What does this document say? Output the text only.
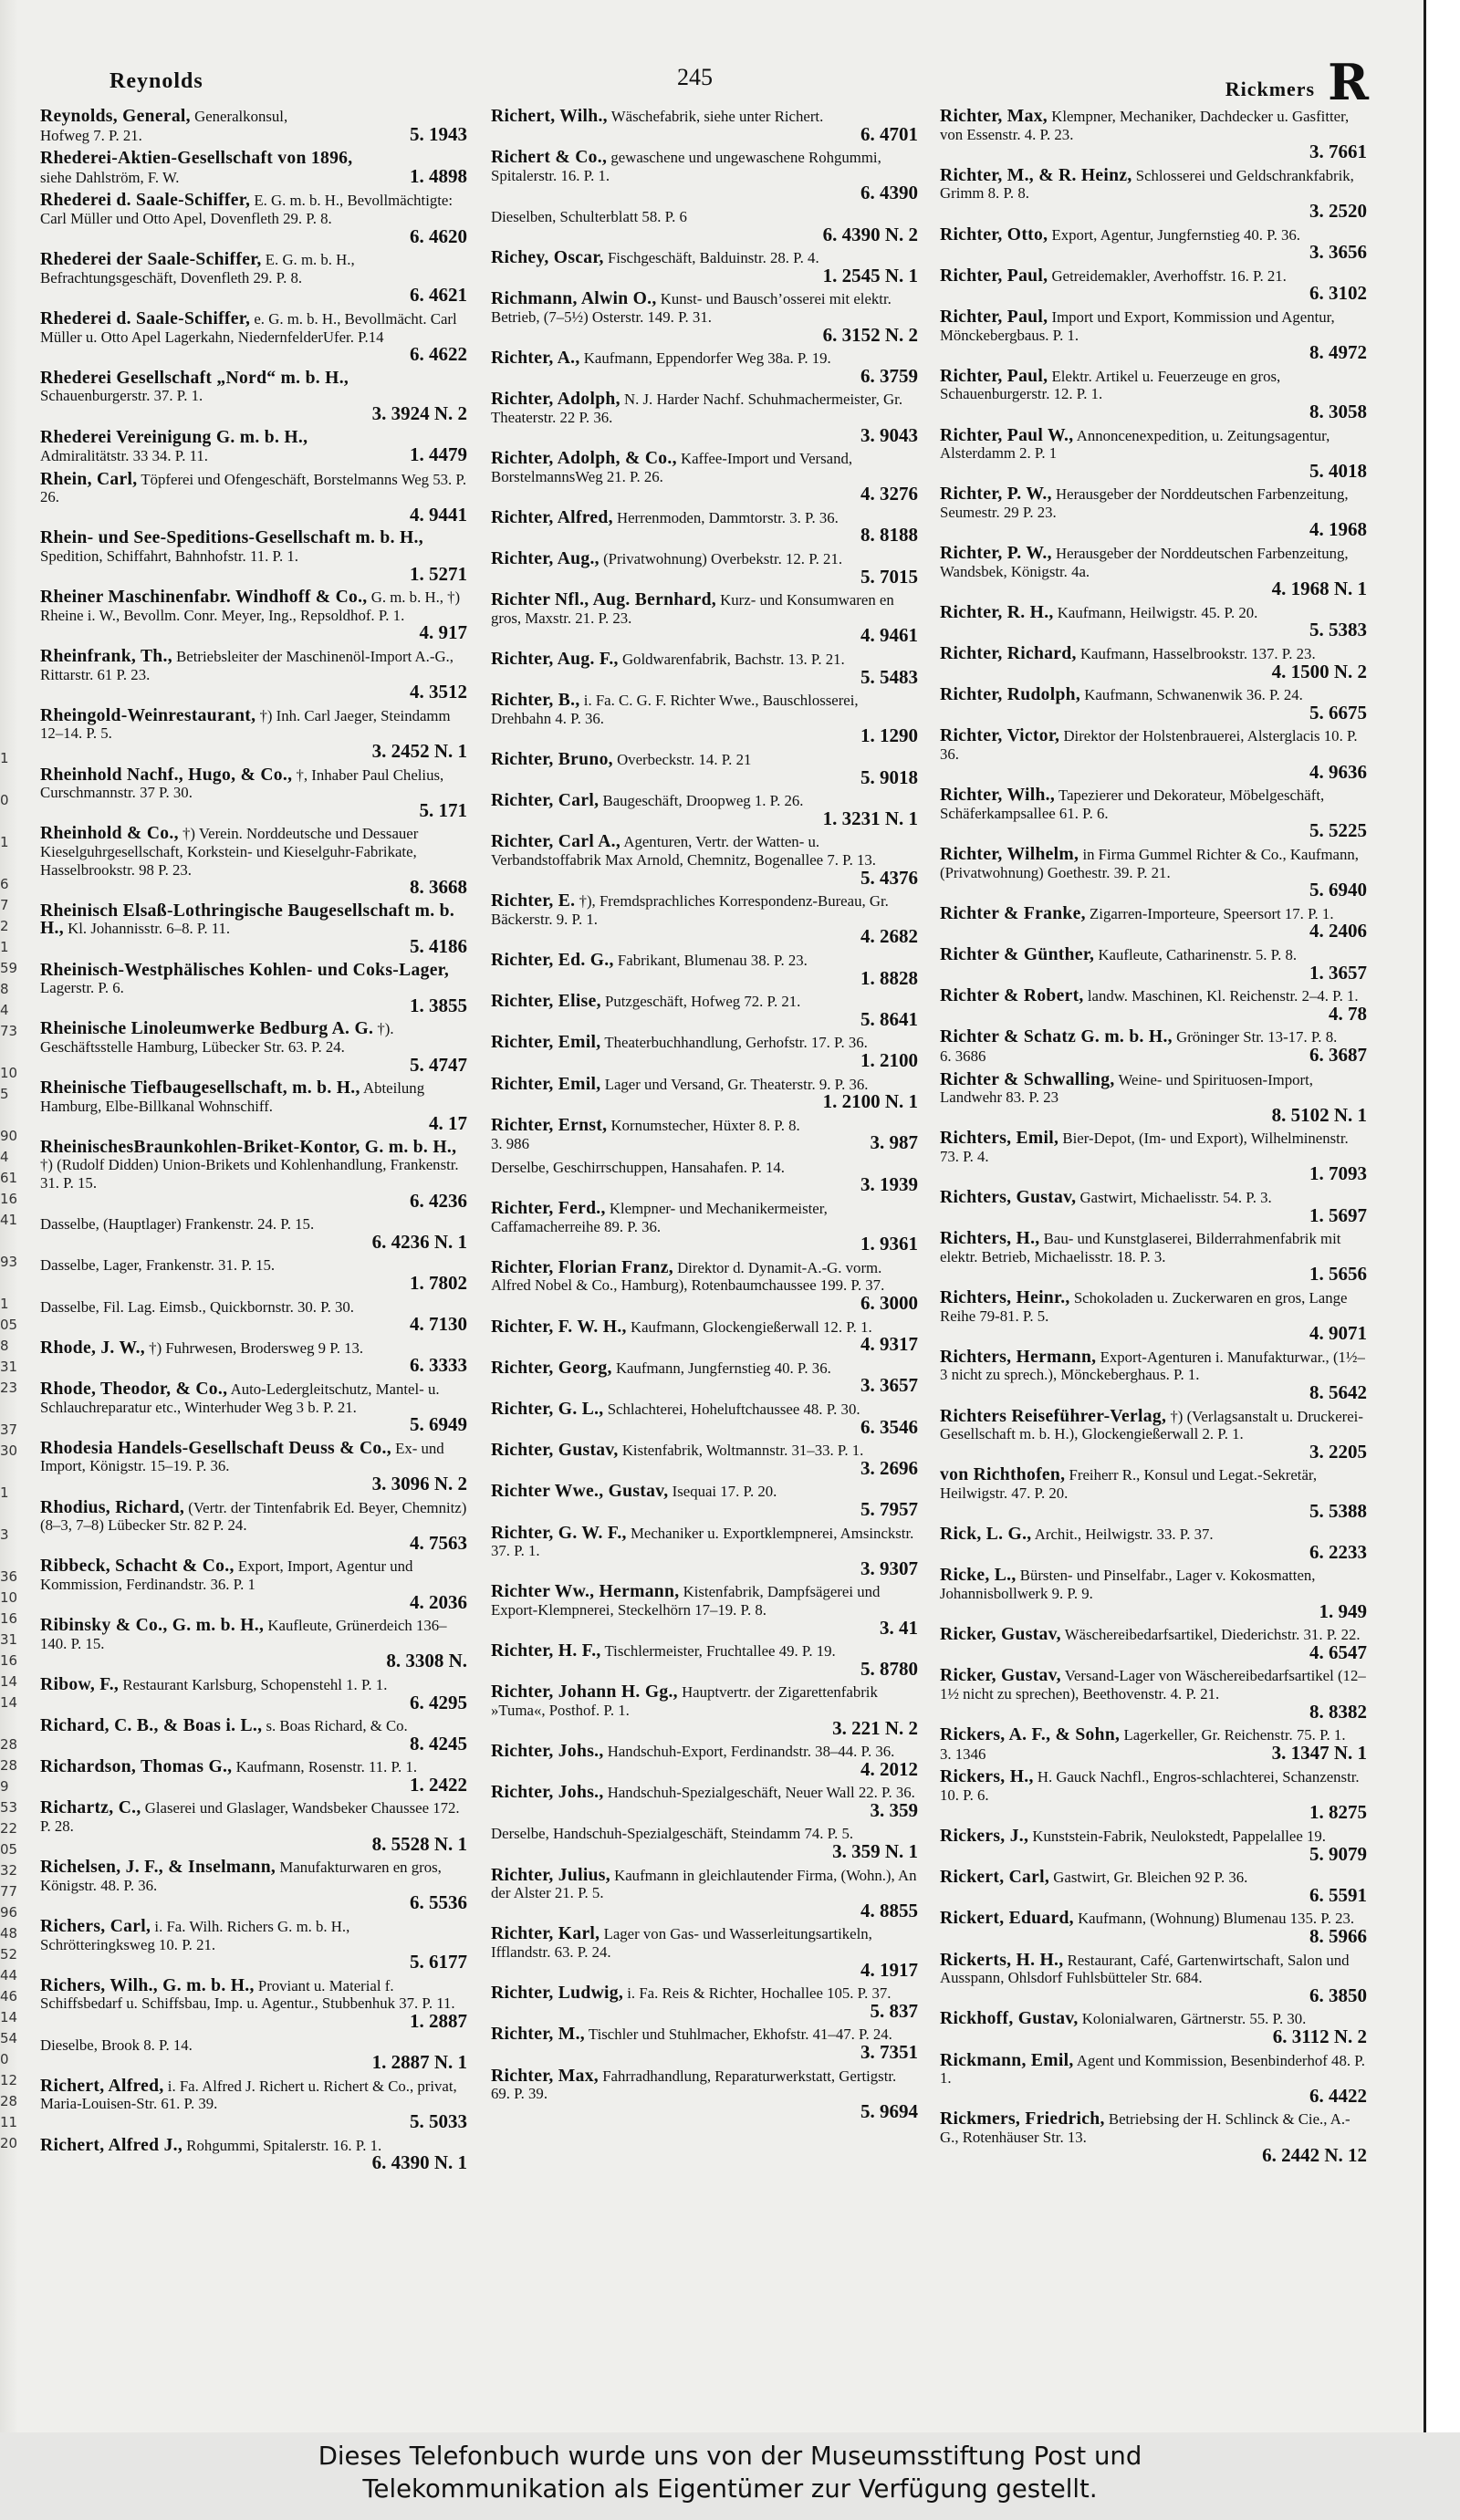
1

0

1

6
7
2
1
59
8
4
73

10
5

90
4
61
16
41

93

1
05
8
31
23

37
30

1

3

36
10
16
31
16
14
14

28
28
9
53
22
05
32
77
96
48
52
44
46
14
54
0
12
28
11
20
Reynolds	245	Rickmers R
Reynolds, General, Generalkonsul,
Hofweg 7. P. 21.	5. 1943
Rhederei-Aktien-Gesellschaft von 1896,
siehe Dahlström, F. W.	1. 4898
Rhederei d. Saale-Schiffer, E. G. m. b. H., Bevollmächtigte: Carl Müller und Otto Apel, Dovenfleth 29. P. 8.
6. 4620
Rhederei der Saale-Schiffer, E. G. m. b. H., Befrachtungsgeschäft, Dovenfleth 29. P. 8.
6. 4621
Rhederei d. Saale-Schiffer, e. G. m. b. H., Bevollmächt. Carl Müller u. Otto Apel Lagerkahn, NiedernfelderUfer. P.14
6. 4622
Rhederei Gesellschaft „Nord“ m. b. H.,
Schauenburgerstr. 37. P. 1.
3. 3924 N. 2
Rhederei Vereinigung G. m. b. H.,
Admiralitätstr. 33 34. P. 11.	1. 4479
Rhein, Carl, Töpferei und Ofengeschäft, Borstelmanns Weg 53. P. 26.
4. 9441
Rhein- und See-Speditions-Gesellschaft m. b. H., Spedition, Schiffahrt, Bahnhofstr. 11. P. 1.
1. 5271
Rheiner Maschinenfabr. Windhoff & Co., G. m. b. H., †) Rheine i. W., Bevollm. Conr. Meyer, Ing., Repsoldhof. P. 1.
4. 917
Rheinfrank, Th., Betriebsleiter der Maschinenöl-Import A.-G., Rittarstr. 61 P. 23.
4. 3512
Rheingold-Weinrestaurant, †) Inh. Carl Jaeger, Steindamm 12–14. P. 5.
3. 2452 N. 1
Rheinhold Nachf., Hugo, & Co., †, Inhaber Paul Chelius, Curschmannstr. 37 P. 30.
5. 171
Rheinhold & Co., †) Verein. Norddeutsche und Dessauer Kieselguhrgesellschaft, Korkstein- und Kieselguhr-Fabrikate, Hasselbrookstr. 98 P. 23.
8. 3668
Rheinisch Elsaß-Lothringische Baugesellschaft m. b. H., Kl. Johannisstr. 6–8. P. 11.
5. 4186
Rheinisch-Westphälisches Kohlen- und Coks-Lager, Lagerstr. P. 6.
1. 3855
Rheinische Linoleumwerke Bedburg A. G. †). Geschäftsstelle Hamburg, Lübecker Str. 63. P. 24.
5. 4747
Rheinische Tiefbaugesellschaft, m. b. H., Abteilung Hamburg, Elbe-Billkanal Wohnschiff.
4. 17
RheinischesBraunkohlen-Briket-Kontor, G. m. b. H., †) (Rudolf Didden) Union-Brikets und Kohlenhandlung, Frankenstr. 31. P. 15.
6. 4236
Dasselbe, (Hauptlager) Frankenstr. 24. P. 15.
6. 4236 N. 1
Dasselbe, Lager, Frankenstr. 31. P. 15.
1. 7802
Dasselbe, Fil. Lag. Eimsb., Quickbornstr. 30. P. 30.
4. 7130
Rhode, J. W., †) Fuhrwesen, Brodersweg 9 P. 13.
6. 3333
Rhode, Theodor, & Co., Auto-Ledergleitschutz, Mantel- u. Schlauchreparatur etc., Winterhuder Weg 3 b. P. 21.
5. 6949
Rhodesia Handels-Gesellschaft Deuss & Co., Ex- und Import, Königstr. 15–19. P. 36.
3. 3096 N. 2
Rhodius, Richard, (Vertr. der Tintenfabrik Ed. Beyer, Chemnitz) (8–3, 7–8) Lübecker Str. 82 P. 24.
4. 7563
Ribbeck, Schacht & Co., Export, Import, Agentur und Kommission, Ferdinandstr. 36. P. 1
4. 2036
Ribinsky & Co., G. m. b. H., Kaufleute, Grünerdeich 136–140. P. 15.
8. 3308 N.
Ribow, F., Restaurant Karlsburg, Schopenstehl 1. P. 1.
6. 4295
Richard, C. B., & Boas i. L., s. Boas Richard, & Co.
8. 4245
Richardson, Thomas G., Kaufmann, Rosenstr. 11. P. 1.
1. 2422
Richartz, C., Glaserei und Glaslager, Wandsbeker Chaussee 172. P. 28.
8. 5528 N. 1
Richelsen, J. F., & Inselmann, Manufakturwaren en gros, Königstr. 48. P. 36.
6. 5536
Richers, Carl, i. Fa. Wilh. Richers G. m. b. H., Schrötteringksweg 10. P. 21.
5. 6177
Richers, Wilh., G. m. b. H., Proviant u. Material f. Schiffsbedarf u. Schiffsbau, Imp. u. Agentur., Stubbenhuk 37. P. 11.
1. 2887
Dieselbe, Brook 8. P. 14.
1. 2887 N. 1
Richert, Alfred, i. Fa. Alfred J. Richert u. Richert & Co., privat, Maria-Louisen-Str. 61. P. 39.
5. 5033
Richert, Alfred J., Rohgummi, Spitalerstr. 16. P. 1.
6. 4390 N. 1
Richert, Wilh., Wäschefabrik, siehe unter Richert.
6. 4701
Richert & Co., gewaschene und ungewaschene Rohgummi, Spitalerstr. 16. P. 1.
6. 4390
Dieselben, Schulterblatt 58. P. 6
6. 4390 N. 2
Richey, Oscar, Fischgeschäft, Balduinstr. 28. P. 4.
1. 2545 N. 1
Richmann, Alwin O., Kunst- und Bausch’osserei mit elektr. Betrieb, (7–5½) Osterstr. 149. P. 31.
6. 3152 N. 2
Richter, A., Kaufmann, Eppendorfer Weg 38a. P. 19.
6. 3759
Richter, Adolph, N. J. Harder Nachf. Schuhmachermeister, Gr. Theaterstr. 22 P. 36.
3. 9043
Richter, Adolph, & Co., Kaffee-Import und Versand, BorstelmannsWeg 21. P. 26.
4. 3276
Richter, Alfred, Herrenmoden, Dammtorstr. 3. P. 36.
8. 8188
Richter, Aug., (Privatwohnung) Overbekstr. 12. P. 21.
5. 7015
Richter Nfl., Aug. Bernhard, Kurz- und Konsumwaren en gros, Maxstr. 21. P. 23.
4. 9461
Richter, Aug. F., Goldwarenfabrik, Bachstr. 13. P. 21.
5. 5483
Richter, B., i. Fa. C. G. F. Richter Wwe., Bauschlosserei, Drehbahn 4. P. 36.
1. 1290
Richter, Bruno, Overbeckstr. 14. P. 21
5. 9018
Richter, Carl, Baugeschäft, Droopweg 1. P. 26.
1. 3231 N. 1
Richter, Carl A., Agenturen, Vertr. der Watten- u. Verbandstoffabrik Max Arnold, Chemnitz, Bogenallee 7. P. 13.
5. 4376
Richter, E. †), Fremdsprachliches Korrespondenz-Bureau, Gr. Bäckerstr. 9. P. 1.
4. 2682
Richter, Ed. G., Fabrikant, Blumenau 38. P. 23.
1. 8828
Richter, Elise, Putzgeschäft, Hofweg 72. P. 21.
5. 8641
Richter, Emil, Theaterbuchhandlung, Gerhofstr. 17. P. 36.
1. 2100
Richter, Emil, Lager und Versand, Gr. Theaterstr. 9. P. 36.
1. 2100 N. 1
Richter, Ernst, Kornumstecher, Hüxter 8. P. 8.
3. 986	3. 987
Derselbe, Geschirrschuppen, Hansahafen. P. 14.
3. 1939
Richter, Ferd., Klempner- und Mechanikermeister, Caffamacherreihe 89. P. 36.
1. 9361
Richter, Florian Franz, Direktor d. Dynamit-A.-G. vorm. Alfred Nobel & Co., Hamburg), Rotenbaumchaussee 199. P. 37.
6. 3000
Richter, F. W. H., Kaufmann, Glockengießerwall 12. P. 1.
4. 9317
Richter, Georg, Kaufmann, Jungfernstieg 40. P. 36.
3. 3657
Richter, G. L., Schlachterei, Hoheluftchaussee 48. P. 30.
6. 3546
Richter, Gustav, Kistenfabrik, Woltmannstr. 31–33. P. 1.
3. 2696
Richter Wwe., Gustav, Isequai 17. P. 20.
5. 7957
Richter, G. W. F., Mechaniker u. Exportklempnerei, Amsinckstr. 37. P. 1.
3. 9307
Richter Ww., Hermann, Kistenfabrik, Dampfsägerei und Export-Klempnerei, Steckelhörn 17–19. P. 8.
3. 41
Richter, H. F., Tischlermeister, Fruchtallee 49. P. 19.
5. 8780
Richter, Johann H. Gg., Hauptvertr. der Zigarettenfabrik »Tuma«, Posthof. P. 1.
3. 221 N. 2
Richter, Johs., Handschuh-Export, Ferdinandstr. 38–44. P. 36.
4. 2012
Richter, Johs., Handschuh-Spezialgeschäft, Neuer Wall 22. P. 36.
3. 359
Derselbe, Handschuh-Spezialgeschäft, Steindamm 74. P. 5.
3. 359 N. 1
Richter, Julius, Kaufmann in gleichlautender Firma, (Wohn.), An der Alster 21. P. 5.
4. 8855
Richter, Karl, Lager von Gas- und Wasserleitungsartikeln, Ifflandstr. 63. P. 24.
4. 1917
Richter, Ludwig, i. Fa. Reis & Richter, Hochallee 105. P. 37.
5. 837
Richter, M., Tischler und Stuhlmacher, Ekhofstr. 41–47. P. 24.
3. 7351
Richter, Max, Fahrradhandlung, Reparaturwerkstatt, Gertigstr. 69. P. 39.
5. 9694
Richter, Max, Klempner, Mechaniker, Dachdecker u. Gasfitter, von Essenstr. 4. P. 23.
3. 7661
Richter, M., & R. Heinz, Schlosserei und Geldschrankfabrik, Grimm 8. P. 8.
3. 2520
Richter, Otto, Export, Agentur, Jungfernstieg 40. P. 36.
3. 3656
Richter, Paul, Getreidemakler, Averhoffstr. 16. P. 21.
6. 3102
Richter, Paul, Import und Export, Kommission und Agentur, Mönckebergbaus. P. 1.
8. 4972
Richter, Paul, Elektr. Artikel u. Feuerzeuge en gros, Schauenburgerstr. 12. P. 1.
8. 3058
Richter, Paul W., Annoncenexpedition, u. Zeitungsagentur, Alsterdamm 2. P. 1
5. 4018
Richter, P. W., Herausgeber der Norddeutschen Farbenzeitung, Seumestr. 29 P. 23.
4. 1968
Richter, P. W., Herausgeber der Norddeutschen Farbenzeitung, Wandsbek, Königstr. 4a.
4. 1968 N. 1
Richter, R. H., Kaufmann, Heilwigstr. 45. P. 20.
5. 5383
Richter, Richard, Kaufmann, Hasselbrookstr. 137. P. 23.
4. 1500 N. 2
Richter, Rudolph, Kaufmann, Schwanenwik 36. P. 24.
5. 6675
Richter, Victor, Direktor der Holstenbrauerei, Alsterglacis 10. P. 36.
4. 9636
Richter, Wilh., Tapezierer und Dekorateur, Möbelgeschäft, Schäferkampsallee 61. P. 6.
5. 5225
Richter, Wilhelm, in Firma Gummel Richter & Co., Kaufmann, (Privatwohnung) Goethestr. 39. P. 21.
5. 6940
Richter & Franke, Zigarren-Importeure, Speersort 17. P. 1.
4. 2406
Richter & Günther, Kaufleute, Catharinenstr. 5. P. 8.
1. 3657
Richter & Robert, landw. Maschinen, Kl. Reichenstr. 2–4. P. 1.
4. 78
Richter & Schatz G. m. b. H., Gröninger Str. 13-17. P. 8.
6. 3686	6. 3687
Richter & Schwalling, Weine- und Spirituosen-Import, Landwehr 83. P. 23
8. 5102 N. 1
Richters, Emil, Bier-Depot, (Im- und Export), Wilhelminenstr. 73. P. 4.
1. 7093
Richters, Gustav, Gastwirt, Michaelisstr. 54. P. 3.
1. 5697
Richters, H., Bau- und Kunstglaserei, Bilderrahmenfabrik mit elektr. Betrieb, Michaelisstr. 18. P. 3.
1. 5656
Richters, Heinr., Schokoladen u. Zuckerwaren en gros, Lange Reihe 79-81. P. 5.
4. 9071
Richters, Hermann, Export-Agenturen i. Manufakturwar., (1½–3 nicht zu sprech.), Mönckeberghaus. P. 1.
8. 5642
Richters Reiseführer-Verlag, †) (Verlagsanstalt u. Druckerei-Gesellschaft m. b. H.), Glockengießerwall 2. P. 1.
3. 2205
von Richthofen, Freiherr R., Konsul und Legat.-Sekretär, Heilwigstr. 47. P. 20.
5. 5388
Rick, L. G., Archit., Heilwigstr. 33. P. 37.
6. 2233
Ricke, L., Bürsten- und Pinselfabr., Lager v. Kokosmatten, Johannisbollwerk 9. P. 9.
1. 949
Ricker, Gustav, Wäschereibedarfsartikel, Diederichstr. 31. P. 22.
4. 6547
Ricker, Gustav, Versand-Lager von Wäschereibedarfsartikel (12–1½ nicht zu sprechen), Beethovenstr. 4. P. 21.
8. 8382
Rickers, A. F., & Sohn, Lagerkeller, Gr. Reichenstr. 75. P. 1.
3. 1346	3. 1347 N. 1
Rickers, H., H. Gauck Nachfl., Engros-schlachterei, Schanzenstr. 10. P. 6.
1. 8275
Rickers, J., Kunststein-Fabrik, Neulokstedt, Pappelallee 19.
5. 9079
Rickert, Carl, Gastwirt, Gr. Bleichen 92 P. 36.
6. 5591
Rickert, Eduard, Kaufmann, (Wohnung) Blumenau 135. P. 23.
8. 5966
Rickerts, H. H., Restaurant, Café, Gartenwirtschaft, Salon und Ausspann, Ohlsdorf Fuhlsbütteler Str. 684.
6. 3850
Rickhoff, Gustav, Kolonialwaren, Gärtnerstr. 55. P. 30.
6. 3112 N. 2
Rickmann, Emil, Agent und Kommission, Besenbinderhof 48. P. 1.
6. 4422
Rickmers, Friedrich, Betriebsing der H. Schlinck & Cie., A.-G., Rotenhäuser Str. 13.
6. 2442 N. 12
Dieses Telefonbuch wurde uns von der Museumsstiftung Post und
Telekommunikation als Eigentümer zur Verfügung gestellt.
